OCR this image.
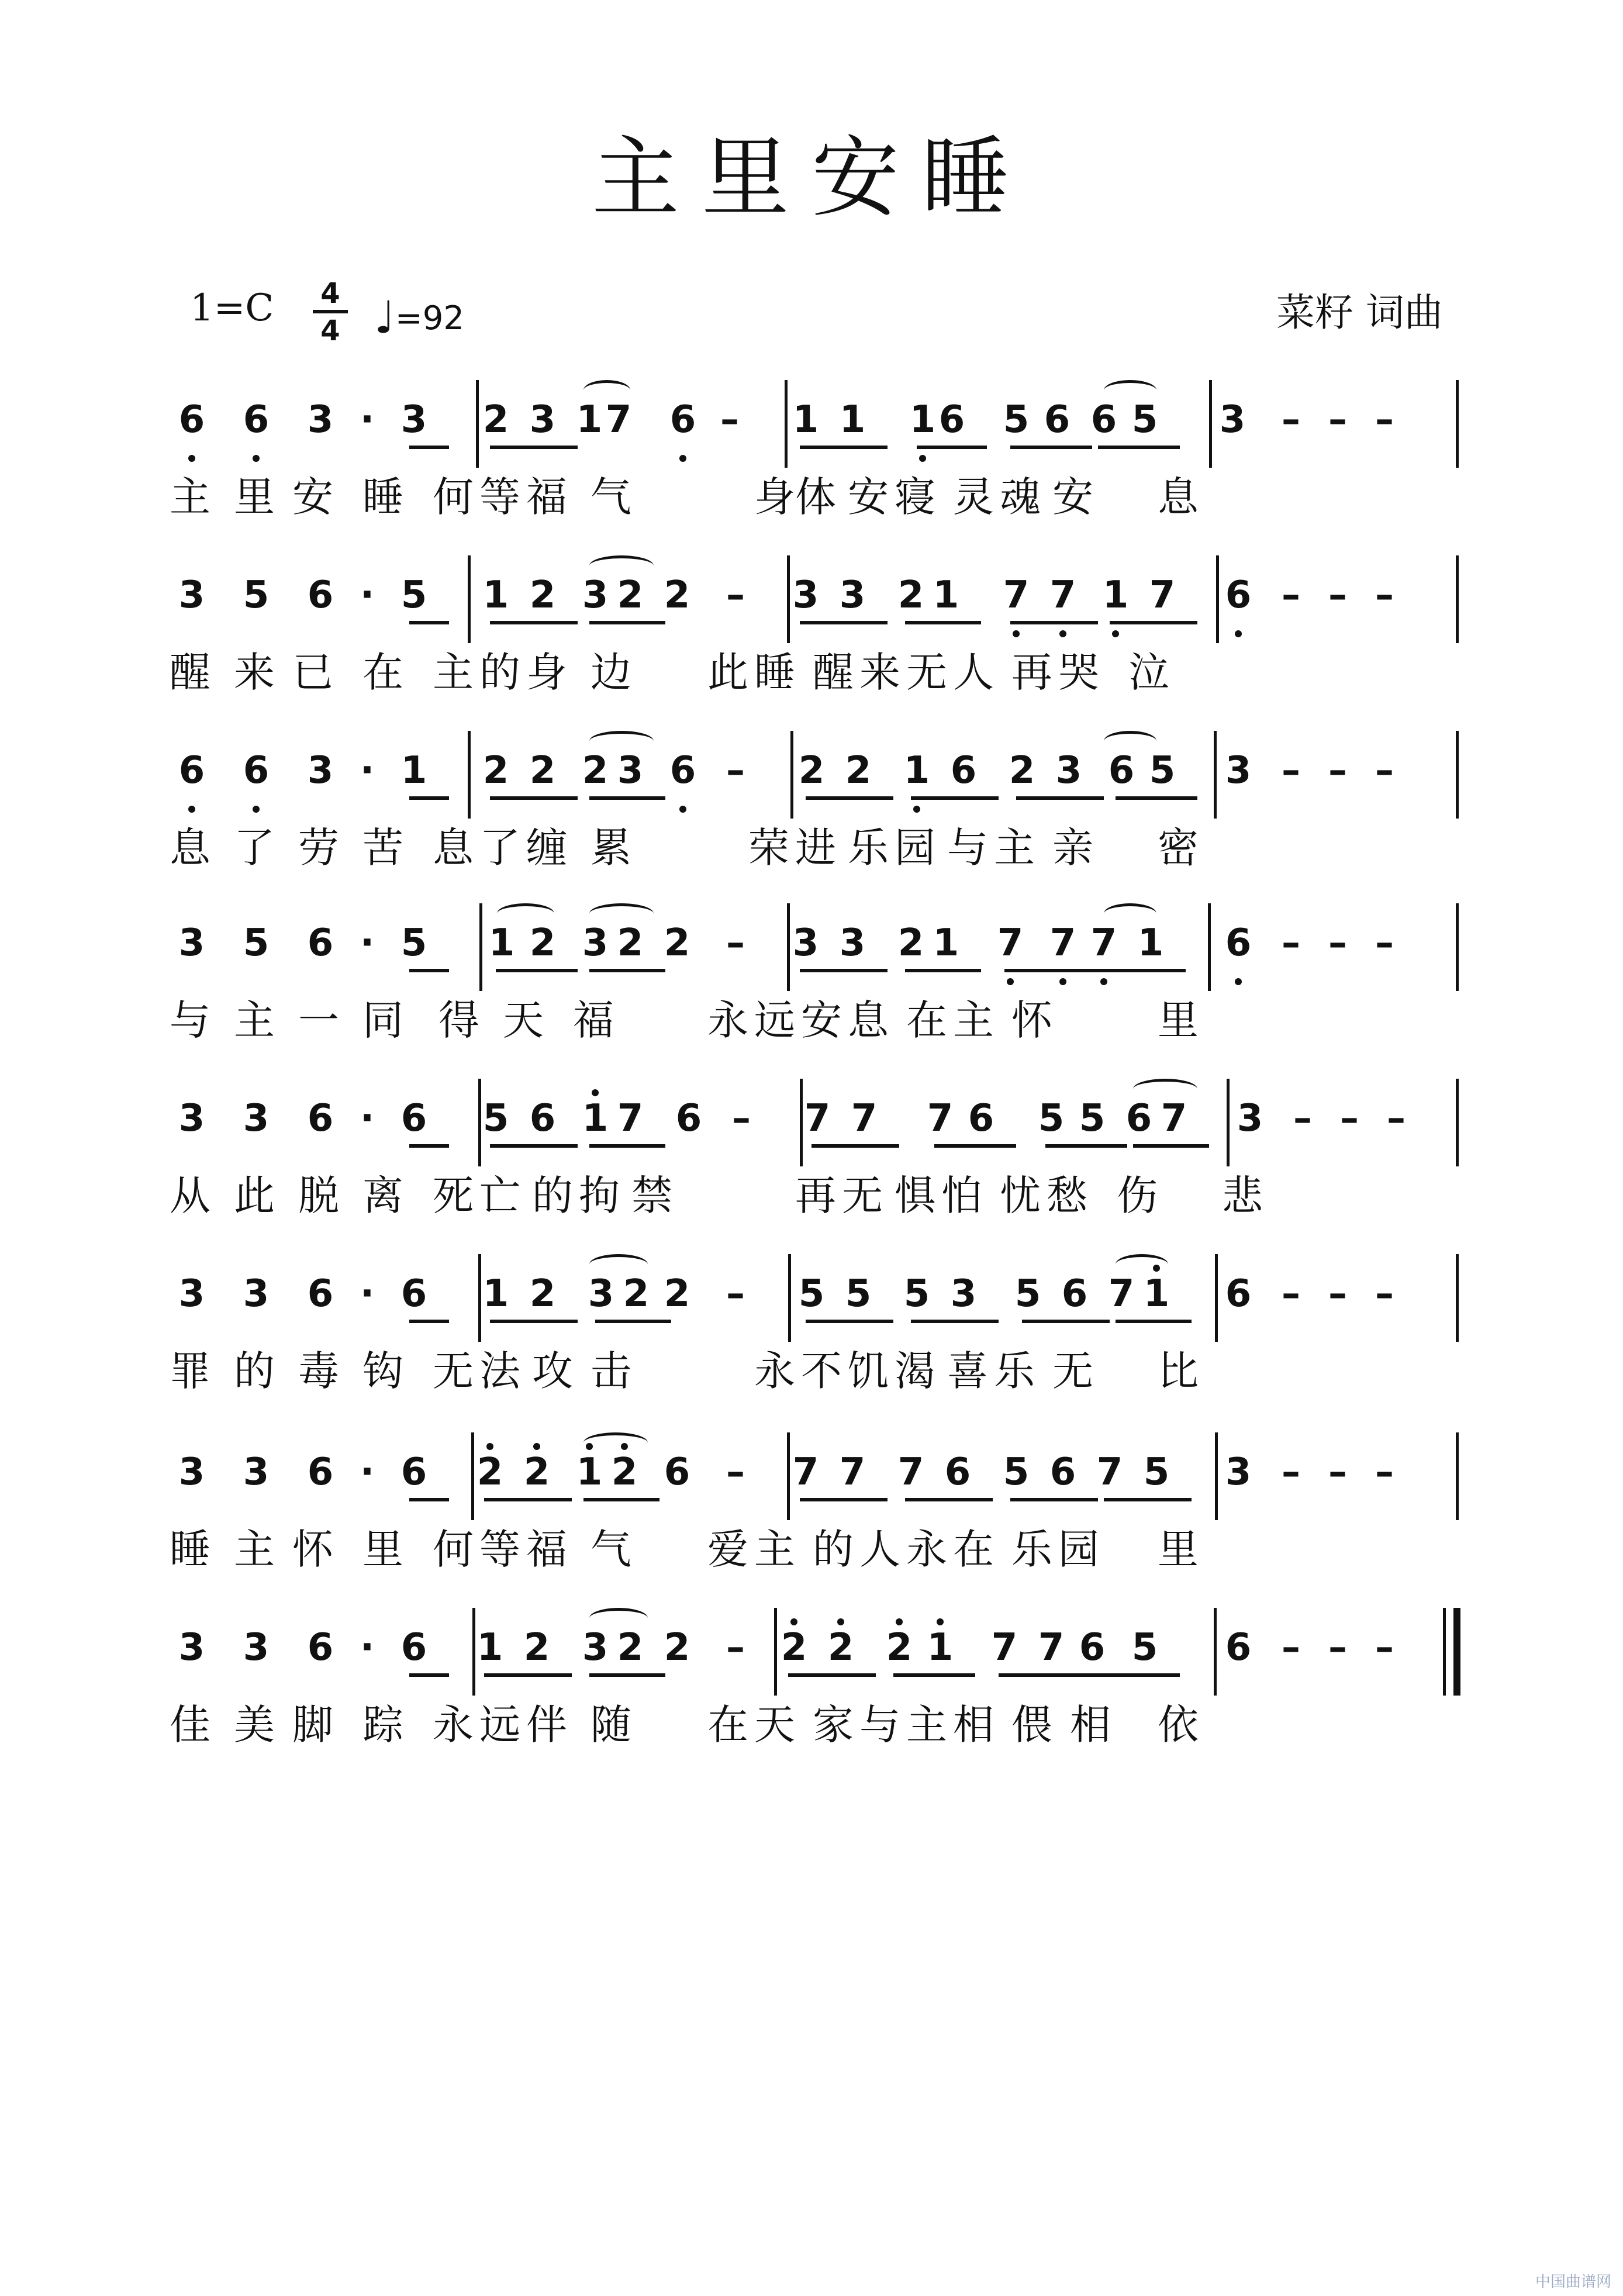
主里安睡
1=C 4
4 ♩=92	菜籽 词曲
6 6 3 · 3 2 3 1 7 6 – 1 1 1 6 5 6 6 5 3 – – –
主 里 安 睡 何 等 福 气	身 体 安 寝 灵 魂 安 息
3 5 6 · 5 1 2 3 2 2 – 3 3 2 1 7 7 1 7 6 – – –
醒 来 已 在 主 的 身 边 此 睡 醒 来 无 人 再 哭 泣
6 6 3 · 1 2 2 2 3 6 – 2 2 1 6 2 3 6 5 3 – – –
息 了 劳 苦 息 了 缠 累	荣 进 乐 园 与 主 亲 密
3 5 6 · 5 1 2 3 2 2 – 3 3 2 1 7 7 7 1 6 – – –
与 主 一 同 得 天 福 永 远 安 息 在 主 怀	里
3 3 6 · 6 5 6 1 7 6 – 7 7 7 6 5 5 6 7 3 – – –
从 此 脱 离 死 亡 的 拘 禁	再 无 惧 怕 忧 愁 伤 悲
3 3 6 · 6 1 2 3 2 2 – 5 5 5 3 5 6 7 1 6 – – –
罪 的 毒 钩 无 法 攻 击	永 不 饥 渴 喜 乐 无 比
3 3 6 · 6 2 2 1 2 6 – 7 7 7 6 5 6 7 5 3 – – –
睡 主 怀 里 何 等 福 气 爱 主 的 人 永 在 乐 园 里
3 3 6 · 6 1 2 3 2 2 – 2 2 2 1 7 7 6 5 6 – – –
佳 美 脚 踪 永 远 伴 随 在 天 家 与 主 相 偎 相 依
中国曲谱网
